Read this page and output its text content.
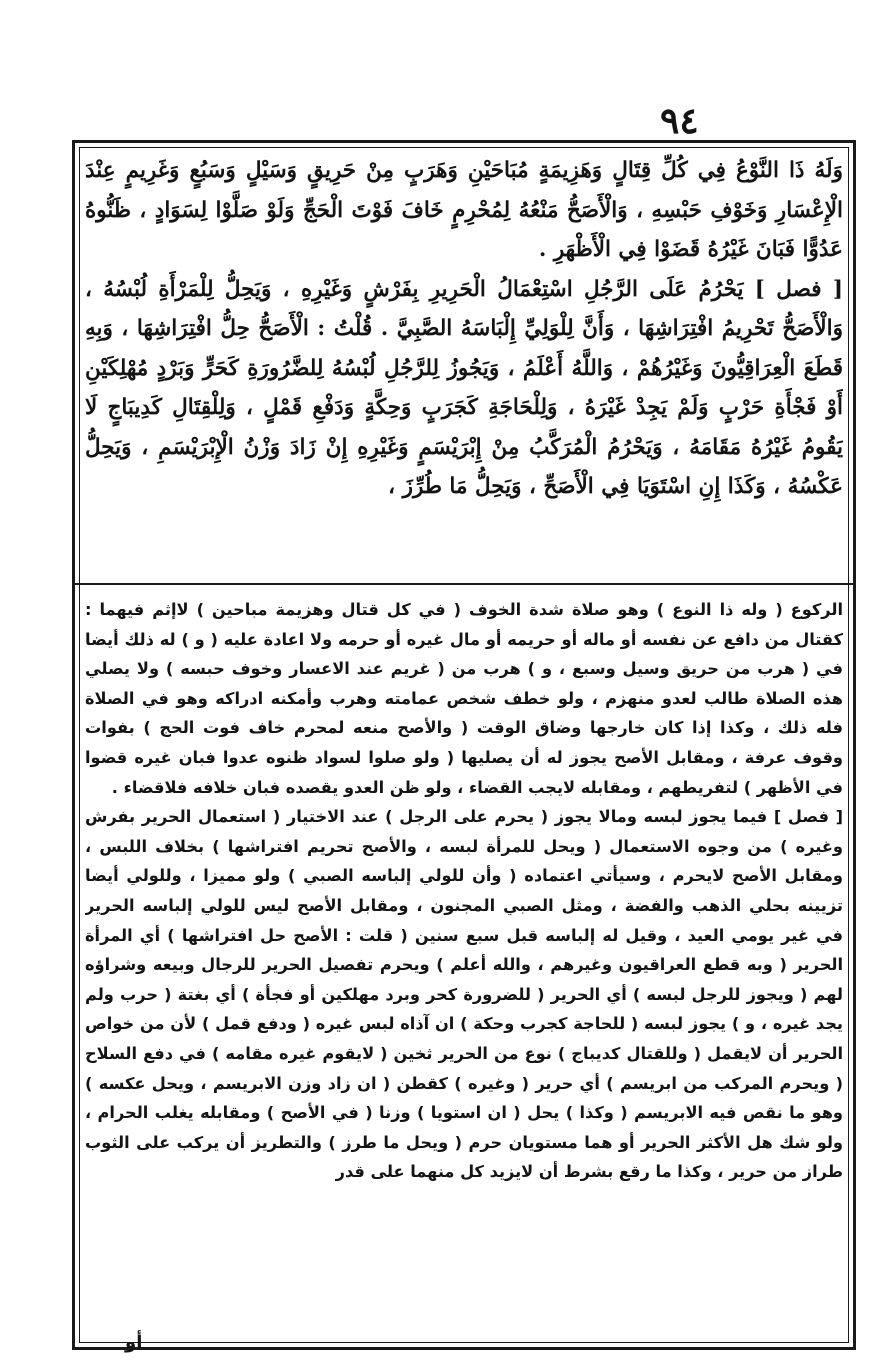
٩٤

وَلَهُ ذَا النَّوْعُ فِي كُلِّ قِتَالٍ وَهَزِيمَةٍ مُبَاحَيْنِ وَهَرَبٍ مِنْ حَرِيقٍ وَسَيْلٍ وَسَبُعٍ وَغَرِيمٍ عِنْدَ الْإِعْسَارِ وَخَوْفِ حَبْسِهِ ، وَالْأَصَحُّ مَنْعُهُ لِمُحْرِمٍ خَافَ فَوْتَ الْحَجِّ وَلَوْ صَلَّوْا لِسَوَادٍ ، ظَنُّوهُ عَدُوًّا فَبَانَ غَيْرُهُ قَضَوْا فِي الْأَظْهَرِ .

[ فصل ] يَحْرُمُ عَلَى الرَّجُلِ اسْتِعْمَالُ الْحَرِيرِ بِفَرْشٍ وَغَيْرِهِ ، وَيَحِلُّ لِلْمَرْأَةِ لُبْسُهُ ، وَالْأَصَحُّ تَحْرِيمُ افْتِرَاشِهَا ، وَأَنَّ لِلْوَلِيِّ إِلْبَاسَهُ الصَّبِيَّ . قُلْتُ : الْأَصَحُّ حِلُّ افْتِرَاشِهَا ، وَبِهِ قَطَعَ الْعِرَاقِيُّونَ وَغَيْرُهُمْ ، وَاللَّهُ أَعْلَمُ ، وَيَجُوزُ لِلرَّجُلِ لُبْسُهُ لِلضَّرُورَةِ كَحَرٍّ وَبَرْدٍ مُهْلِكَيْنِ أَوْ فَجْأَةِ حَرْبٍ وَلَمْ يَجِدْ غَيْرَهُ ، وَلِلْحَاجَةِ كَجَرَبٍ وَحِكَّةٍ وَدَفْعِ قَمْلٍ ، وَلِلْقِتَالِ كَدِيبَاجٍ لَا يَقُومُ غَيْرُهُ مَقَامَهُ ، وَيَحْرُمُ الْمُرَكَّبُ مِنْ إِبْرَيْسَمٍ وَغَيْرِهِ إِنْ زَادَ وَزْنُ الْإِبْرَيْسَمِ ، وَيَحِلُّ عَكْسُهُ ، وَكَذَا إِنِ اسْتَوَيَا فِي الْأَصَحِّ ، وَيَحِلُّ مَا طُرِّزَ ،

الركوع ( وله ذا النوع ) وهو صلاة شدة الخوف ( في كل قتال وهزيمة مباحين ) لاإثم فيهما : كقتال من دافع عن نفسه أو ماله أو حريمه أو مال غيره أو حرمه ولا اعادة عليه ( و ) له ذلك أيضا في ( هرب من حريق وسيل وسبع ، و ) هرب من ( غريم عند الاعسار وخوف حبسه ) ولا يصلي هذه الصلاة طالب لعدو منهزم ، ولو خطف شخص عمامته وهرب وأمكنه ادراكه وهو في الصلاة فله ذلك ، وكذا إذا كان خارجها وضاق الوقت ( والأصح منعه لمحرم خاف فوت الحج ) بفوات وقوف عرفة ، ومقابل الأصح يجوز له أن يصليها ( ولو صلوا لسواد ظنوه عدوا فبان غيره قضوا في الأظهر ) لتفريطهم ، ومقابله لايجب القضاء ، ولو ظن العدو يقصده فبان خلافه فلاقضاء .

[ فصل ] فيما يجوز لبسه ومالا يجوز ( يحرم على الرجل ) عند الاختيار ( استعمال الحرير بفرش وغيره ) من وجوه الاستعمال ( ويحل للمرأة لبسه ، والأصح تحريم افتراشها ) بخلاف اللبس ، ومقابل الأصح لايحرم ، وسيأتي اعتماده ( وأن للولي إلباسه الصبي ) ولو مميزا ، وللولي أيضا تزيينه بحلي الذهب والفضة ، ومثل الصبي المجنون ، ومقابل الأصح ليس للولي إلباسه الحرير في غير يومي العيد ، وقيل له إلباسه قبل سبع سنين ( قلت : الأصح حل افتراشها ) أي المرأة الحرير ( وبه قطع العراقيون وغيرهم ، والله أعلم ) ويحرم تفصيل الحرير للرجال وبيعه وشراؤه لهم ( ويجوز للرجل لبسه ) أي الحرير ( للضرورة كحر وبرد مهلكين أو فجأة ) أي بغتة ( حرب ولم يجد غيره ، و ) يجوز لبسه ( للحاجة كجرب وحكة ) ان آذاه لبس غيره ( ودفع قمل ) لأن من خواص الحرير أن لايقمل ( وللقتال كديباج ) نوع من الحرير ثخين ( لايقوم غيره مقامه ) في دفع السلاح ( ويحرم المركب من ابريسم ) أي حرير ( وغيره ) كقطن ( ان زاد وزن الابريسم ، ويحل عكسه ) وهو ما نقص فيه الابريسم ( وكذا ) يحل ( ان استويا ) وزنا ( في الأصح ) ومقابله يغلب الحرام ، ولو شك هل الأكثر الحرير أو هما مستويان حرم ( ويحل ما طرز ) والتطريز أن يركب على الثوب طراز من حرير ، وكذا ما رقع بشرط أن لايزيد كل منهما على قدر

أو
